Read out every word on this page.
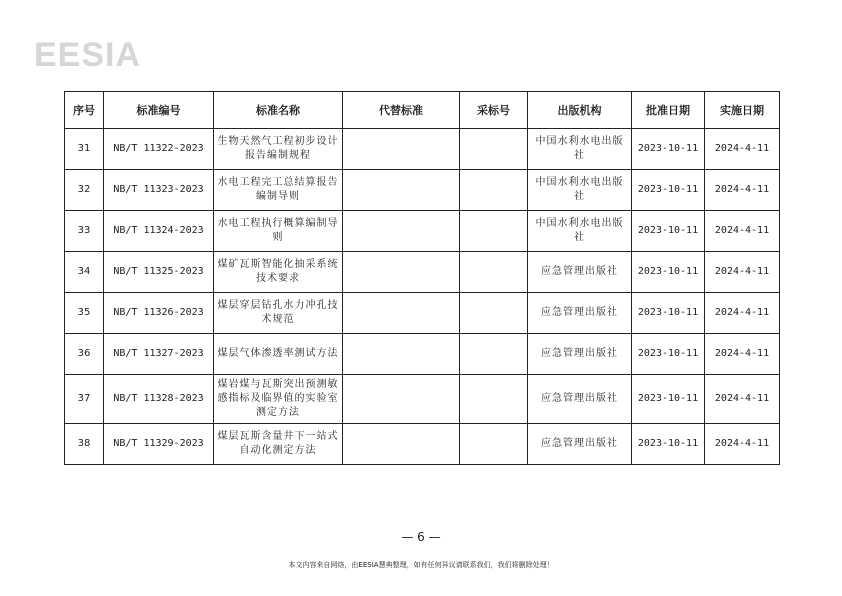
EESIA
序号	标准编号	标准名称	代替标准	采标号	出版机构	批准日期	实施日期
31	NB/T 11322-2023	生物天然气工程初步设计报告编制规程			中国水利水电出版社	2023-10-11	2024-4-11
32	NB/T 11323-2023	水电工程完工总结算报告编制导则			中国水利水电出版社	2023-10-11	2024-4-11
33	NB/T 11324-2023	水电工程执行概算编制导则			中国水利水电出版社	2023-10-11	2024-4-11
34	NB/T 11325-2023	煤矿瓦斯智能化抽采系统技术要求			应急管理出版社	2023-10-11	2024-4-11
35	NB/T 11326-2023	煤层穿层钻孔水力冲孔技术规范			应急管理出版社	2023-10-11	2024-4-11
36	NB/T 11327-2023	煤层气体渗透率测试方法			应急管理出版社	2023-10-11	2024-4-11
37	NB/T 11328-2023	煤岩煤与瓦斯突出预测敏感指标及临界值的实验室测定方法			应急管理出版社	2023-10-11	2024-4-11
38	NB/T 11329-2023	煤层瓦斯含量井下一站式自动化测定方法			应急管理出版社	2023-10-11	2024-4-11
— 6 —
本文内容来自网络，由EESIA慧典整理，如有任何异议请联系我们，我们将删除处理！
